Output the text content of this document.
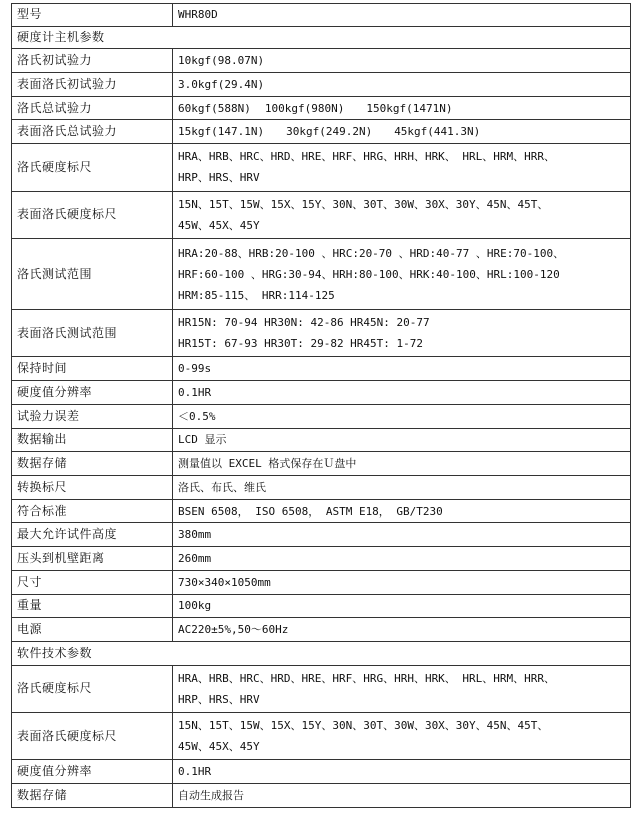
型号	WHR80D
硬度计主机参数	
洛氏初试验力	10kgf(98.07N)
表面洛氏初试验力	3.0kgf(29.4N)
洛氏总试验力	60kgf(588N) 100kgf(980N) 150kgf(1471N)
表面洛氏总试验力	15kgf(147.1N) 30kgf(249.2N) 45kgf(441.3N)
洛氏硬度标尺	HRA、HRB、HRC、HRD、HRE、HRF、HRG、HRH、HRK、 HRL、HRM、HRR、
HRP、HRS、HRV

表面洛氏硬度标尺	15N、15T、15W、15X、15Y、30N、30T、30W、30X、30Y、45N、45T、
45W、45X、45Y

洛氏测试范围	HRA:20-88、HRB:20-100 、HRC:20-70 、HRD:40-77 、HRE:70-100、
HRF:60-100 、HRG:30-94、HRH:80-100、HRK:40-100、HRL:100-120
HRM:85-115、 HRR:114-125

表面洛氏测试范围	HR15N: 70-94 HR30N: 42-86 HR45N: 20-77
HR15T: 67-93 HR30T: 29-82 HR45T: 1-72

保持时间	0-99s
硬度值分辨率	0.1HR
试验力误差	＜0.5%
数据输出	LCD 显示
数据存储	测量值以 EXCEL 格式保存在Ｕ盘中
转换标尺	洛氏、布氏、维氏
符合标准	BSEN 6508， ISO 6508， ASTM E18， GB/T230
最大允许试件高度	380mm
压头到机壁距离	260mm
尺寸	730×340×1050mm
重量	100kg
电源	AC220±5%,50～60Hz
软件技术参数	
洛氏硬度标尺	HRA、HRB、HRC、HRD、HRE、HRF、HRG、HRH、HRK、 HRL、HRM、HRR、
HRP、HRS、HRV

表面洛氏硬度标尺	15N、15T、15W、15X、15Y、30N、30T、30W、30X、30Y、45N、45T、
45W、45X、45Y

硬度值分辨率	0.1HR
数据存储	自动生成报告
